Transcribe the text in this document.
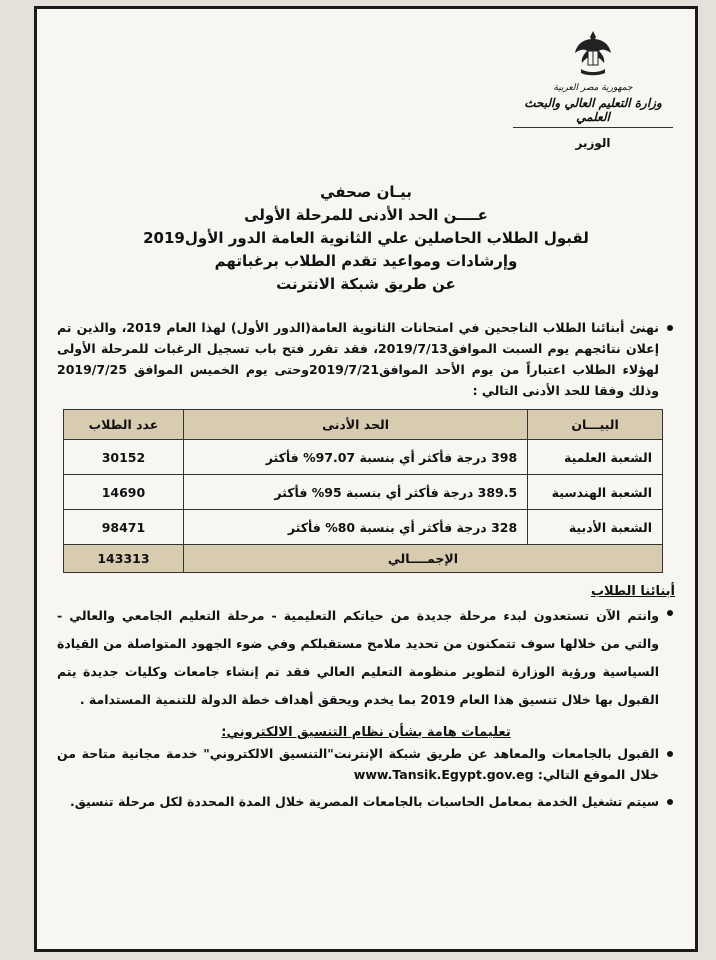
جمهورية مصر العربية
وزارة التعليم العالي والبحث العلمي
الوزير
بيـان صحفي
عــــن الحد الأدنى للمرحلة الأولى
لقبول الطلاب الحاصلين علي الثانوية العامة الدور الأول2019
وإرشادات ومواعيد تقدم الطلاب برغباتهم
عن طريق شبكة الانترنت

نهنئ أبنائنا الطلاب الناجحين في امتحانات الثانوية العامة(الدور الأول) لهذا العام 2019، والذين تم إعلان نتائجهم يوم السبت الموافق2019/7/13، فقد تقرر فتح باب تسجيل الرغبات للمرحلة الأولى لهؤلاء الطلاب اعتباراً من يوم الأحد الموافق2019/7/21وحتى يوم الخميس الموافق 2019/7/25 وذلك وفقا للحد الأدنى التالي :

البيـــان	الحد الأدنى	عدد الطلاب
الشعبة العلمية	398 درجة فأكثر أي بنسبة 97.07% فأكثر	30152
الشعبة الهندسية	389.5 درجة فأكثر أي بنسبة 95% فأكثر	14690
الشعبة الأدبية	328 درجة فأكثر أي بنسبة 80% فأكثر	98471
الإجمــــالي		143313
أبنائنا الطلاب

وانتم الآن تستعدون لبدء مرحلة جديدة من حياتكم التعليمية - مرحلة التعليم الجامعي والعالي - والتي من خلالها سوف تتمكنون من تحديد ملامح مستقبلكم وفي ضوء الجهود المتواصلة من القيادة السياسية ورؤية الوزارة لتطوير منظومة التعليم العالي فقد تم إنشاء جامعات وكليات جديدة يتم القبول بها خلال تنسيق هذا العام 2019 بما يخدم ويحقق أهداف خطة الدولة للتنمية المستدامة .

تعليمات هامة بشأن نظام التنسيق الالكتروني:

القبول بالجامعات والمعاهد عن طريق شبكة الإنترنت"التنسيق الالكتروني" خدمة مجانية متاحة من خلال الموقع التالي: www.Tansik.Egypt.gov.eg

سيتم تشغيل الخدمة بمعامل الحاسبات بالجامعات المصرية خلال المدة المحددة لكل مرحلة تنسيق.
